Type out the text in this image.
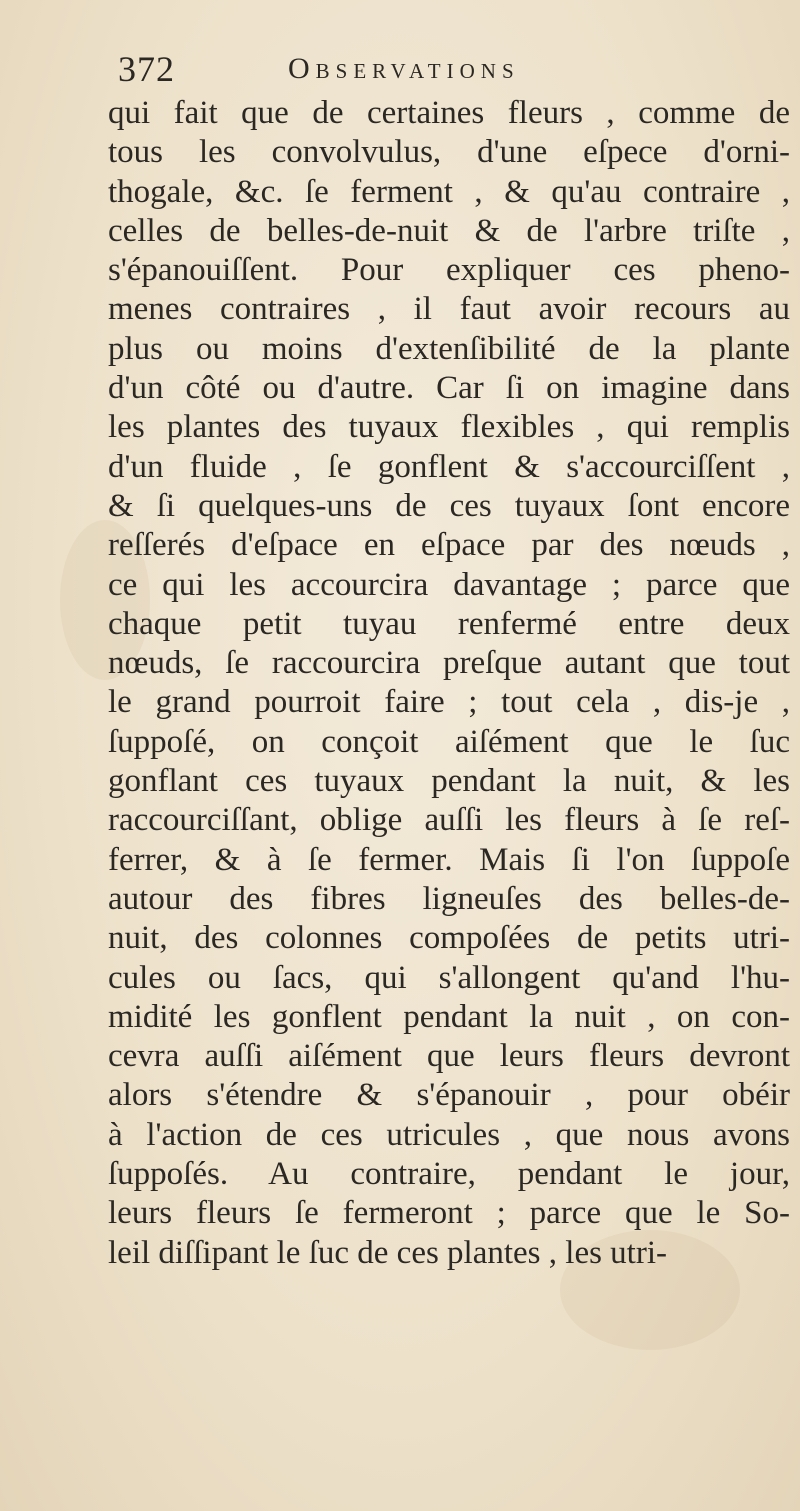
372	Observations
qui fait que de certaines fleurs , comme de
tous les convolvulus, d'une eſpece d'orni-
thogale, &c. ſe ferment , & qu'au contraire ,
celles de belles-de-nuit & de l'arbre triſte ,
s'épanouiſſent. Pour expliquer ces pheno-
menes contraires , il faut avoir recours au
plus ou moins d'extenſibilité de la plante
d'un côté ou d'autre. Car ſi on imagine dans
les plantes des tuyaux flexibles , qui remplis
d'un fluide , ſe gonflent & s'accourciſſent ,
& ſi quelques-uns de ces tuyaux ſont encore
reſſerés d'eſpace en eſpace par des nœuds ,
ce qui les accourcira davantage ; parce que
chaque petit tuyau renfermé entre deux
nœuds, ſe raccourcira preſque autant que tout
le grand pourroit faire ; tout cela , dis-je ,
ſuppoſé, on conçoit aiſément que le ſuc
gonflant ces tuyaux pendant la nuit, & les
raccourciſſant, oblige auſſi les fleurs à ſe reſ-
ferrer, & à ſe fermer. Mais ſi l'on ſuppoſe
autour des fibres ligneuſes des belles-de-
nuit, des colonnes compoſées de petits utri-
cules ou ſacs, qui s'allongent qu'and l'hu-
midité les gonflent pendant la nuit , on con-
cevra auſſi aiſément que leurs fleurs devront
alors s'étendre & s'épanouir , pour obéir
à l'action de ces utricules , que nous avons
ſuppoſés. Au contraire, pendant le jour,
leurs fleurs ſe fermeront ; parce que le So-
leil diſſipant le ſuc de ces plantes , les utri-
